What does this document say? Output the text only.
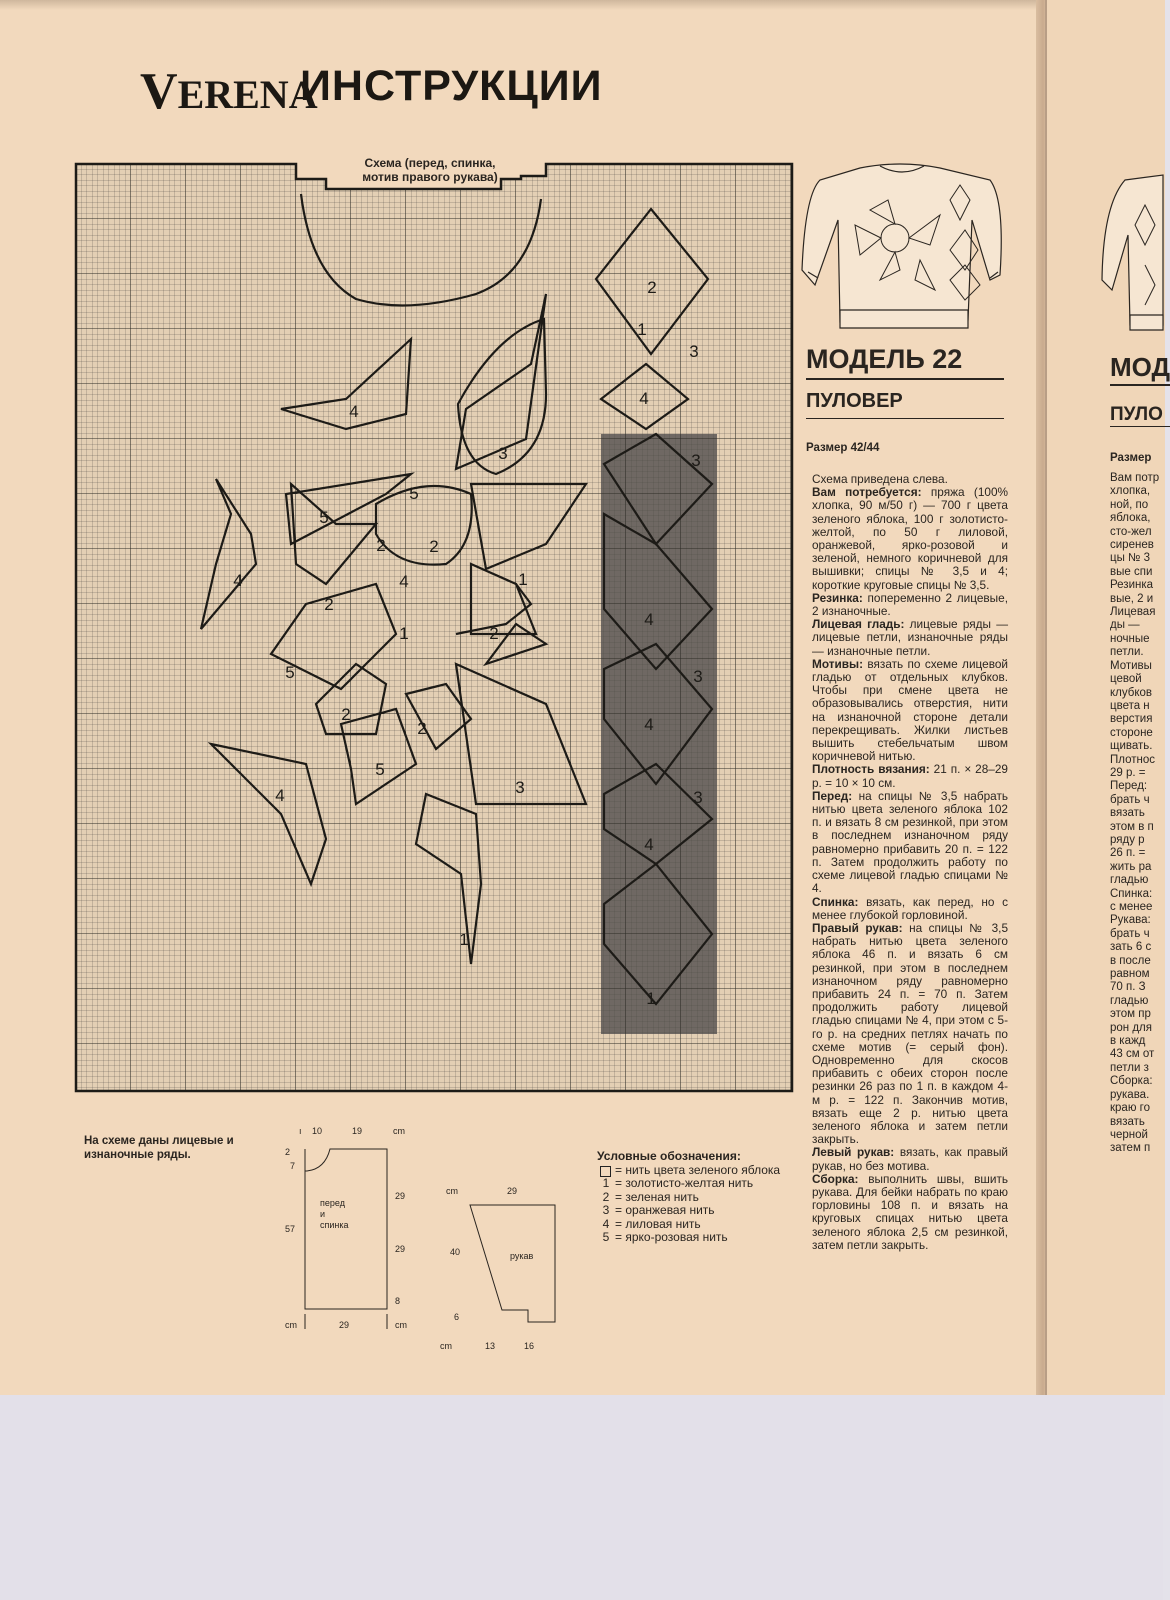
VERENA
ИНСТРУКЦИИ
Схема (перед, спинка,
мотив правого рукава)
4
3
5
5
2	2
4	4	1
2
1	2
5
2
2
5
3
4
1
2
1
3
4
3
4
3
4
3
4
1
На схеме даны лицевые и изнаночные ряды.
ı 10	19	cm
2
7
29
57
29
8
cm	29	cm
перед
и
спинка
cm	29
40
6
cm	13	16
рукав
Условные обозначения:
= нить цвета зеленого яблока
1 = золотисто-желтая нить
2 = зеленая нить
3 = оранжевая нить
4 = лиловая нить
5 = ярко-розовая нить
МОДЕЛЬ 22
ПУЛОВЕР
Размер 42/44
Схема приведена слева.
Вам потребуется: пряжа (100% хлопка, 90 м/50 г) — 700 г цвета зеленого яблока, 100 г золотисто-желтой, по 50 г лиловой, оранжевой, ярко-розовой и зеленой, немного коричневой для вышивки; спицы № 3,5 и 4; короткие круговые спицы № 3,5.
Резинка: попеременно 2 лицевые, 2 изнаночные.
Лицевая гладь: лицевые ряды — лицевые петли, изнаночные ряды — изнаночные петли.
Мотивы: вязать по схеме лицевой гладью от отдельных клубков. Чтобы при смене цвета не образовывались отверстия, нити на изнаночной стороне детали перекрещивать. Жилки листьев вышить стебельчатым швом коричневой нитью.
Плотность вязания: 21 п. × 28–29 р. = 10 × 10 см.
Перед: на спицы № 3,5 набрать нитью цвета зеленого яблока 102 п. и вязать 8 см резинкой, при этом в последнем изнаночном ряду равномерно прибавить 20 п. = 122 п. Затем продолжить работу по схеме лицевой гладью спицами № 4.
Спинка: вязать, как перед, но с менее глубокой горловиной.
Правый рукав: на спицы № 3,5 набрать нитью цвета зеленого яблока 46 п. и вязать 6 см резинкой, при этом в последнем изнаночном ряду равномерно прибавить 24 п. = 70 п. Затем продолжить работу лицевой гладью спицами № 4, при этом с 5-го р. на средних петлях начать по схеме мотив (= серый фон). Одновременно для скосов прибавить с обеих сторон после резинки 26 раз по 1 п. в каждом 4-м р. = 122 п. Закончив мотив, вязать еще 2 р. нитью цвета зеленого яблока и затем петли закрыть.
Левый рукав: вязать, как правый рукав, но без мотива.
Сборка: выполнить швы, вшить рукава. Для бейки набрать по краю горловины 108 п. и вязать на круговых спицах нитью цвета зеленого яблока 2,5 см резинкой, затем петли закрыть.
МОД
ПУЛО
Размер
Вам потр
хлопка,
ной, по
яблока,
сто-жел
сиренев
цы № 3
вые спи
Резинка
вые, 2 и
Лицевая
ды —
ночные
петли.
Мотивы
цевой
клубков
цвета н
верстия
стороне
щивать.
Плотнос
29 р. =
Перед:
брать ч
вязать
этом в п
ряду р
26 п. =
жить ра
гладью
Спинка:
с менее
Рукава:
брать ч
зать 6 с
в после
равном
70 п. З
гладью
этом пр
рон для
в кажд
43 см от
петли з
Сборка:
рукава.
краю го
вязать
черной
затем п
